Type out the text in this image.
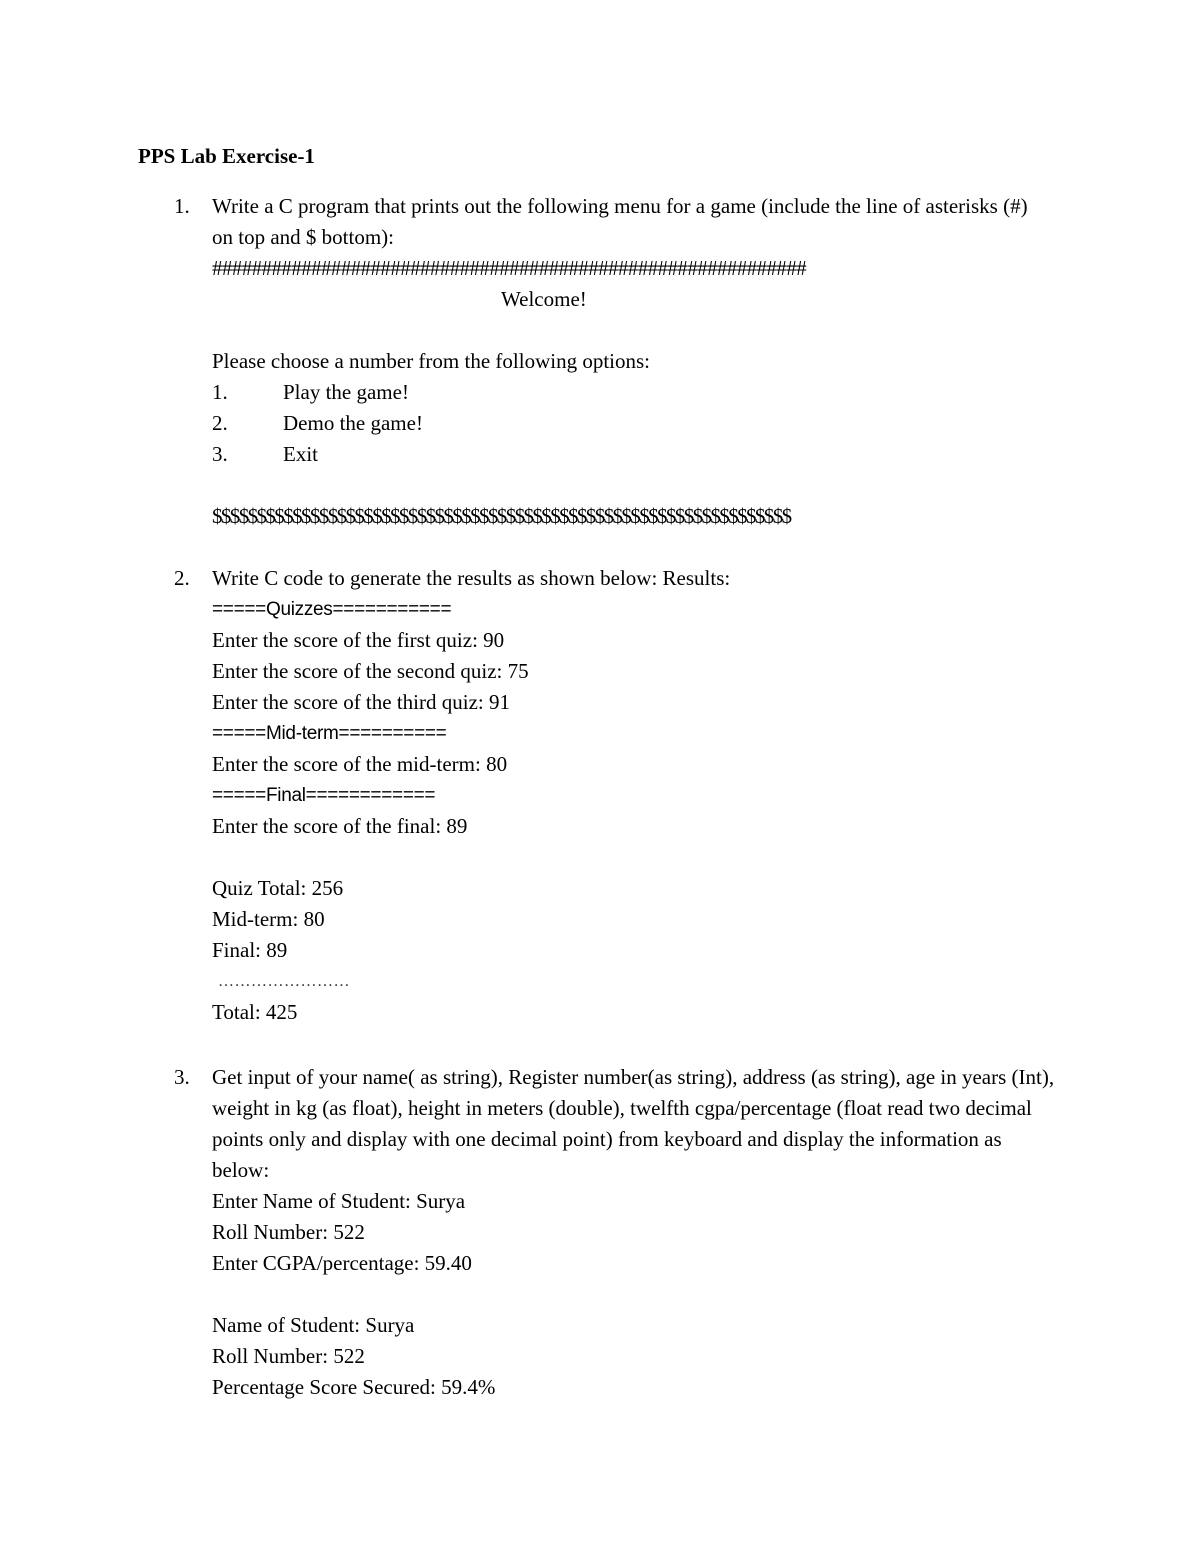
PPS Lab Exercise-1
1.	Write a C program that prints out the following menu for a game (include the line of asterisks (#) on top and $ bottom):
############################################################
Welcome!
Please choose a number from the following options:
1.	Play the game!
2.	Demo the game!
3.	Exit
$$$$$$$$$$$$$$$$$$$$$$$$$$$$$$$$$$$$$$$$$$$$$$$$$$$$$$$$$$$$$$$$$
2.	Write C code to generate the results as shown below: Results:
=====Quizzes===========
Enter the score of the first quiz: 90
Enter the score of the second quiz: 75
Enter the score of the third quiz: 91
=====Mid-term==========
Enter the score of the mid-term: 80
=====Final============
Enter the score of the final: 89
Quiz Total: 256
Mid-term: 80
Final: 89
……………………
Total: 425
3.	Get input of your name( as string), Register number(as string), address (as string), age in years (Int), weight in kg (as float), height in meters (double), twelfth cgpa/percentage (float read two decimal points only and display with one decimal point) from keyboard and display the information as below:
Enter Name of Student: Surya
Roll Number: 522
Enter CGPA/percentage: 59.40
Name of Student: Surya
Roll Number: 522
Percentage Score Secured: 59.4%
